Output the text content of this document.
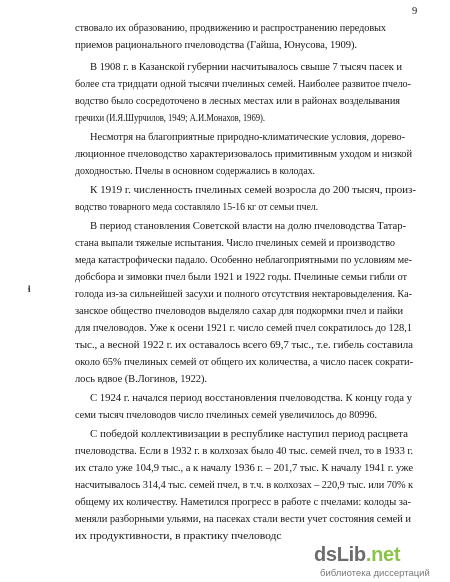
9
ɬ
ствовало их образованию, продвижению и распространению передовых
приемов рационального пчеловодства (Гайша, Юнусова, 1909).
В 1908 г. в Казанской губернии насчитывалось свыше 7 тысяч пасек и
более ста тридцати одной тысячи пчелиных семей. Наиболее развитое пчело-
водство было сосредоточено в лесных местах или в районах возделывания
гречихи (И.Я.Шурчилов, 1949; А.И.Монахов, 1969).
Несмотря на благоприятные природно-климатические условия, дорево-
люционное пчеловодство характеризовалось примитивным уходом и низкой
доходностью. Пчелы в основном содержались в колодах.
К 1919 г. численность пчелиных семей возросла до 200 тысяч, произ-
водство товарного меда составляло 15-16 кг от семьи пчел.
В период становления Советской власти на долю пчеловодства Татар-
стана выпали тяжелые испытания. Число пчелиных семей и производство
меда катастрофически падало. Особенно неблагоприятными по условиям ме-
добсбора и зимовки пчел были 1921 и 1922 годы. Пчелиные семьи гибли от
голода из-за сильнейшей засухи и полного отсутствия нектаровыделения. Ка-
занское общество пчеловодов выделяло сахар для подкормки пчел и пайки
для пчеловодов. Уже к осени 1921 г. число семей пчел сократилось до 128,1
тыс., а весной 1922 г. их оставалось всего 69,7 тыс., т.е. гибель составила
около 65% пчелиных семей от общего их количества, а число пасек сократи-
лось вдвое (В.Логинов, 1922).
С 1924 г. начался период восстановления пчеловодства. К концу года у
семи тысяч пчеловодов число пчелиных семей увеличилось до 80996.
С победой коллективизации в республике наступил период расцвета
пчеловодства. Если в 1932 г. в колхозах было 40 тыс. семей пчел, то в 1933 г.
их стало уже 104,9 тыс., а к началу 1936 г. – 201,7 тыс. К началу 1941 г. уже
насчитывалось 314,4 тыс. семей пчел, в т.ч. в колхозах – 220,9 тыс. или 70% к
общему их количеству. Наметился прогресс в работе с пчелами: колоды за-
меняли разборными ульями, на пасеках стали вести учет состояния семей и
их продуктивности, в практику пчеловодс
dsLib.net
библиотека диссертаций
